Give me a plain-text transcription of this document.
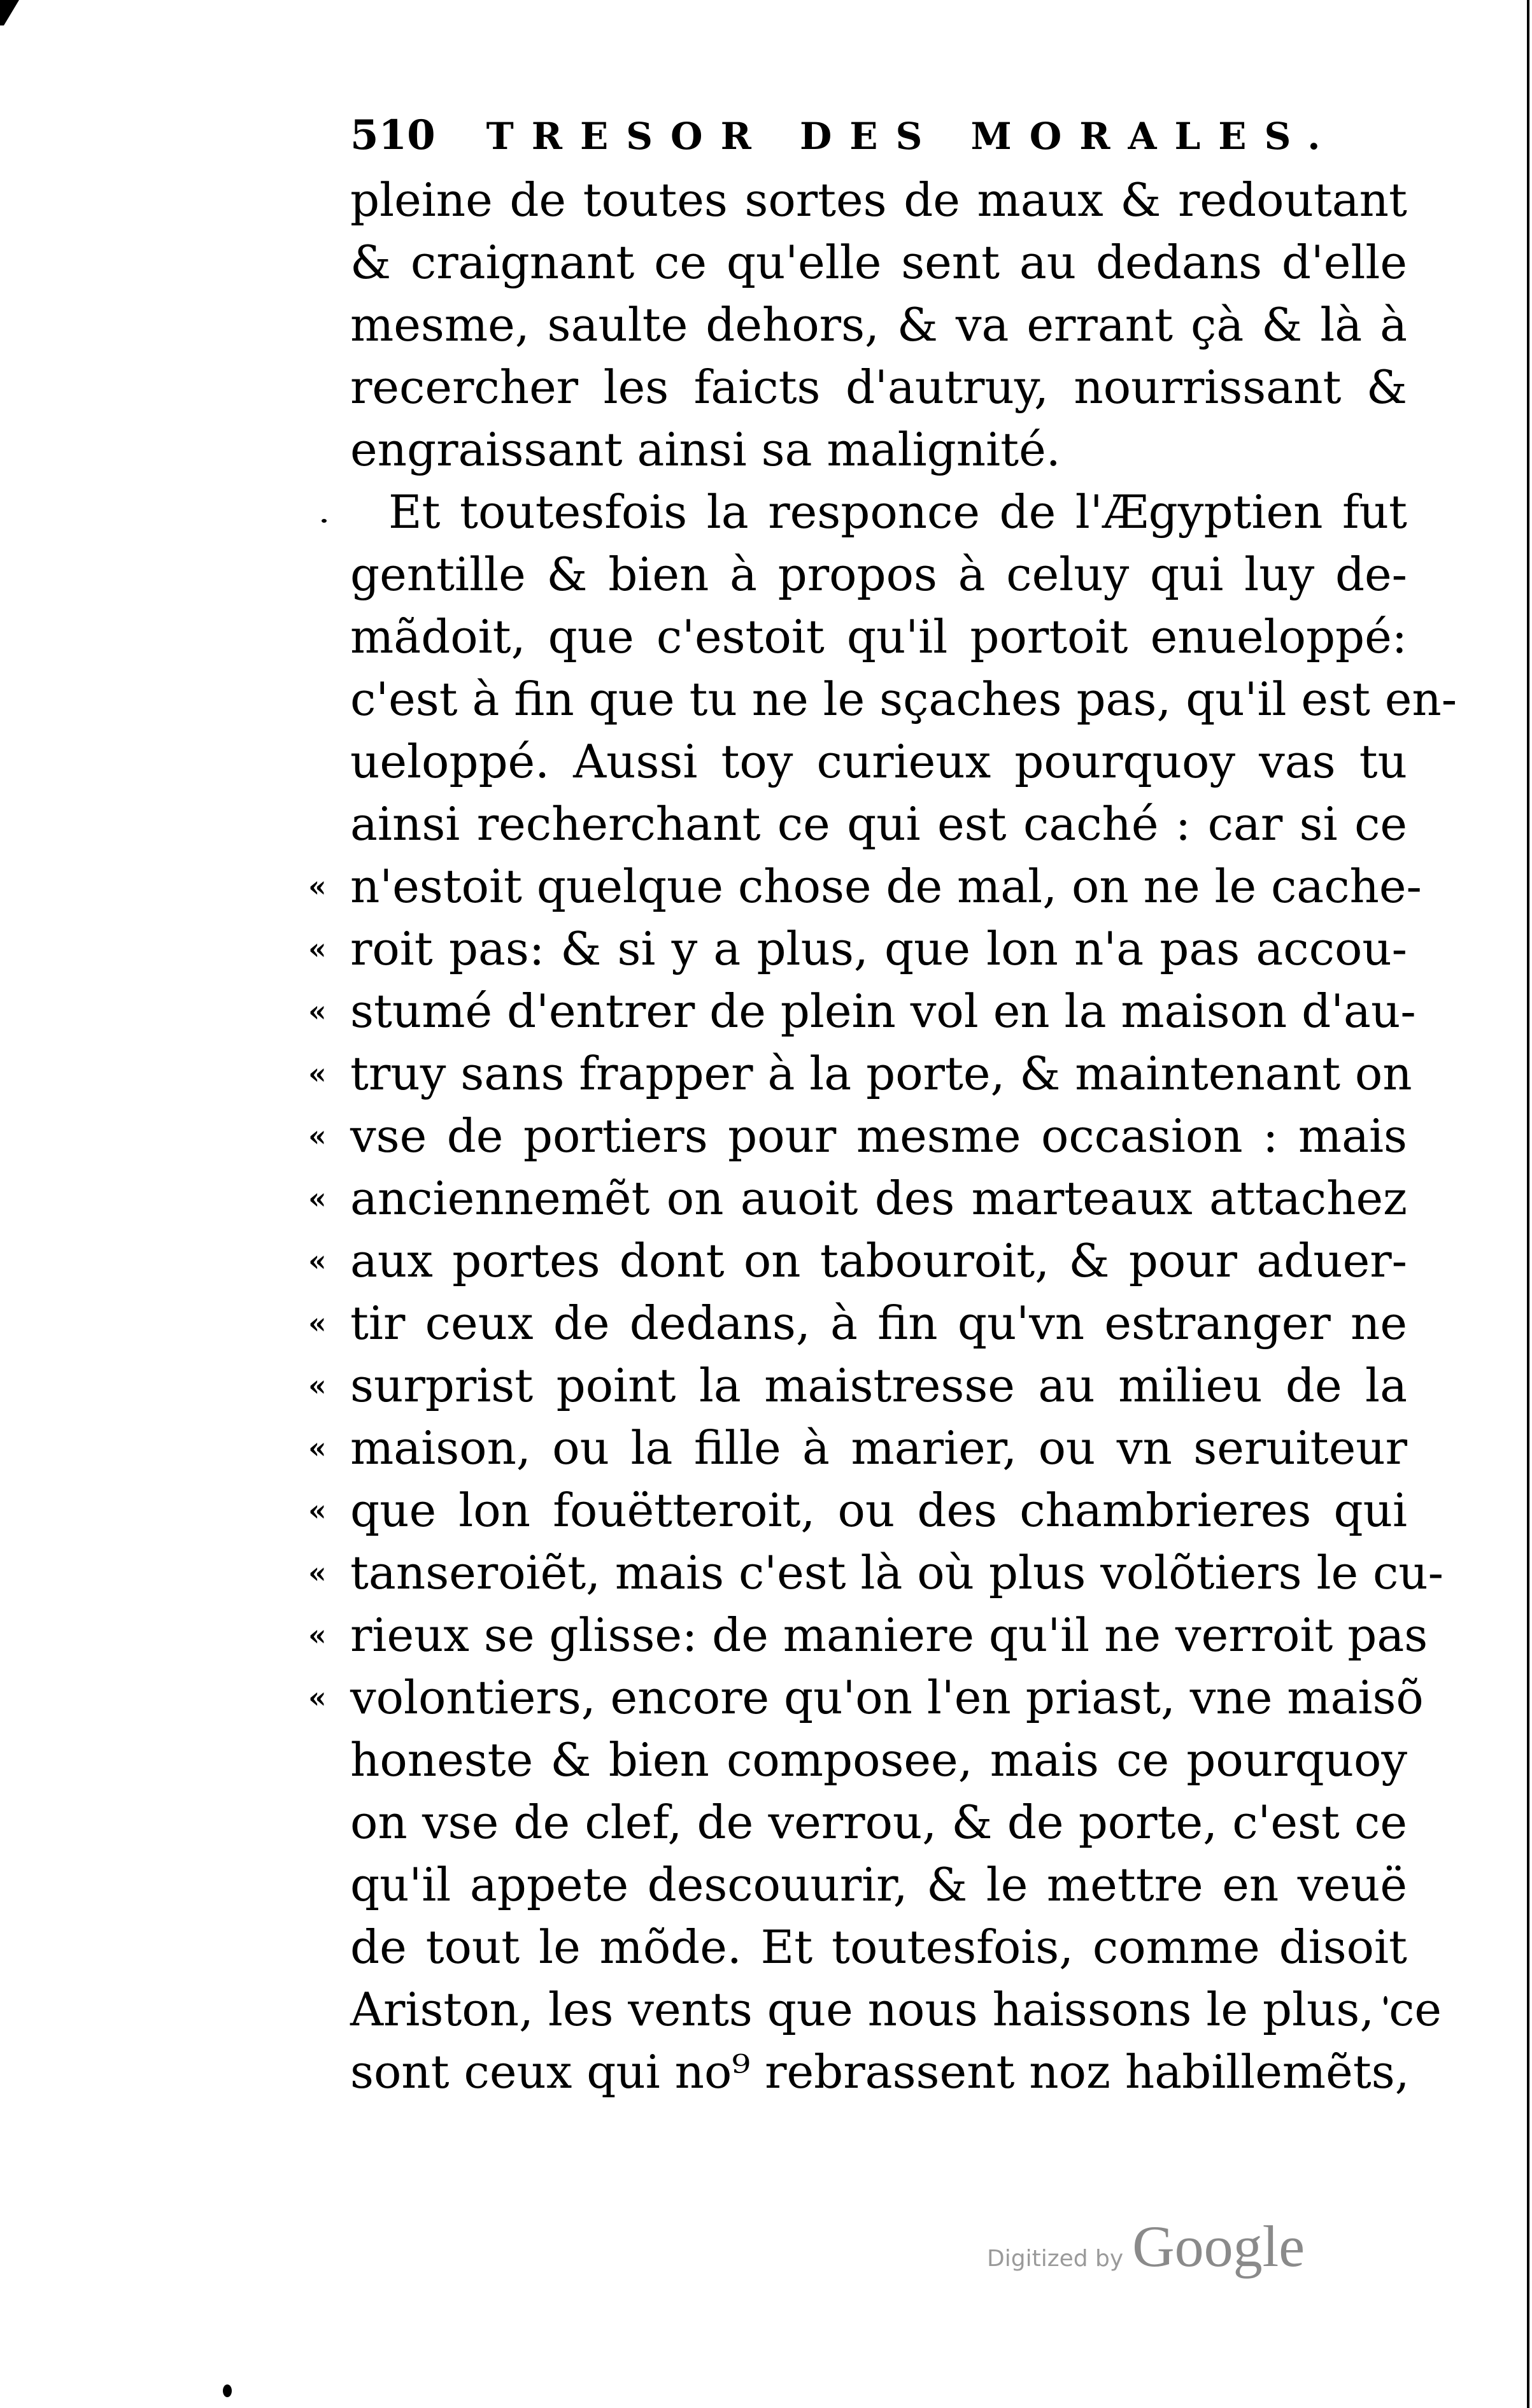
510 TRESOR DES MORALES.
pleine de toutes sortes de maux & redoutant
& craignant ce qu'elle sent au dedans d'elle
mesme, saulte dehors, & va errant çà & là à
recercher les faicts d'autruy, nourrissant &
engraissant ainsi sa malignité.
Et toutesfois la responce de l'Ægyptien fut
gentille & bien à propos à celuy qui luy de-
mãdoit, que c'estoit qu'il portoit enueloppé:
c'est à fin que tu ne le sçaches pas, qu'il est en-
ueloppé. Aussi toy curieux pourquoy vas tu
ainsi recherchant ce qui est caché : car si ce
« n'estoit quelque chose de mal, on ne le cache-
« roit pas: & si y a plus, que lon n'a pas accou-
« stumé d'entrer de plein vol en la maison d'au-
« truy sans frapper à la porte, & maintenant on
« vse de portiers pour mesme occasion : mais
« anciennemẽt on auoit des marteaux attachez
« aux portes dont on tabouroit, & pour aduer-
« tir ceux de dedans, à fin qu'vn estranger ne
« surprist point la maistresse au milieu de la
« maison, ou la fille à marier, ou vn seruiteur
« que lon fouëtteroit, ou des chambrieres qui
« tanseroiẽt, mais c'est là où plus volõtiers le cu-
« rieux se glisse: de maniere qu'il ne verroit pas
« volontiers, encore qu'on l'en priast, vne maisõ
honeste & bien composee, mais ce pourquoy
on vse de clef, de verrou, & de porte, c'est ce
qu'il appete descouurir, & le mettre en veuë
de tout le mõde. Et toutesfois, comme disoit
Ariston, les vents que nous haissons le plus, ce
sont ceux qui no⁹ rebrassent noz habillemẽts,
Digitized by Google
